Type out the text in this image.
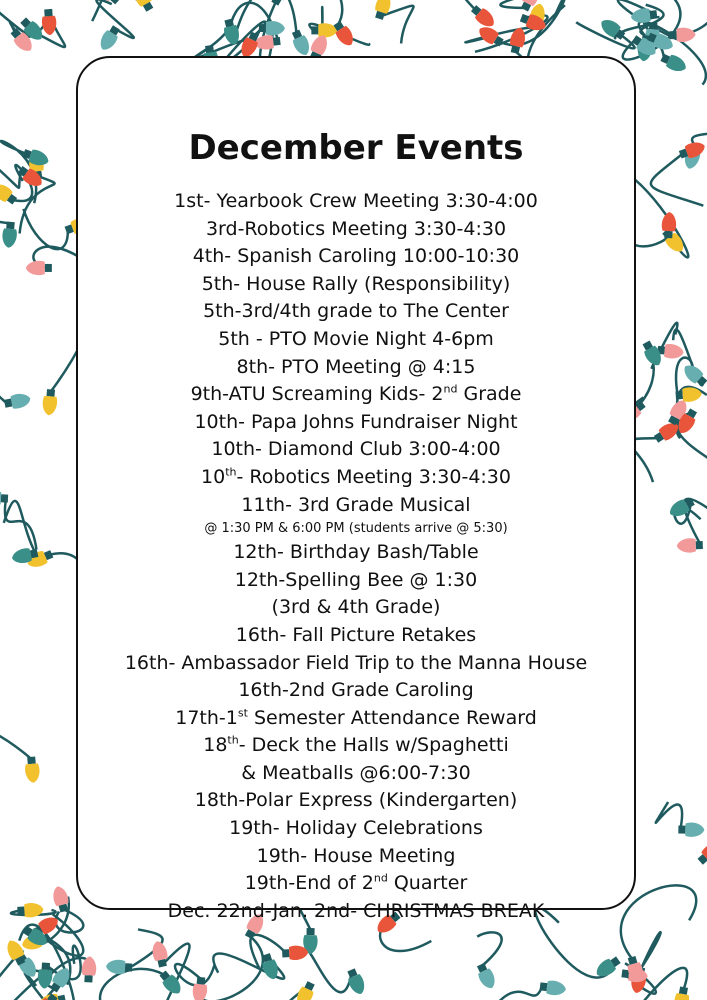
December Events
1st- Yearbook Crew Meeting 3:30-4:00
3rd-Robotics Meeting 3:30-4:30
4th- Spanish Caroling 10:00-10:30
5th- House Rally (Responsibility)
5th-3rd/4th grade to The Center
5th - PTO Movie Night 4-6pm
8th- PTO Meeting @ 4:15
9th-ATU Screaming Kids- 2nd Grade
10th- Papa Johns Fundraiser Night
10th- Diamond Club 3:00-4:00
10th- Robotics Meeting 3:30-4:30
11th- 3rd Grade Musical
@ 1:30 PM & 6:00 PM (students arrive @ 5:30)
12th- Birthday Bash/Table
12th-Spelling Bee @ 1:30
(3rd & 4th Grade)
16th- Fall Picture Retakes
16th- Ambassador Field Trip to the Manna House
16th-2nd Grade Caroling
17th-1st Semester Attendance Reward
18th- Deck the Halls w/Spaghetti
& Meatballs @6:00-7:30
18th-Polar Express (Kindergarten)
19th- Holiday Celebrations
19th- House Meeting
19th-End of 2nd Quarter
Dec. 22nd-Jan. 2nd- CHRISTMAS BREAK
